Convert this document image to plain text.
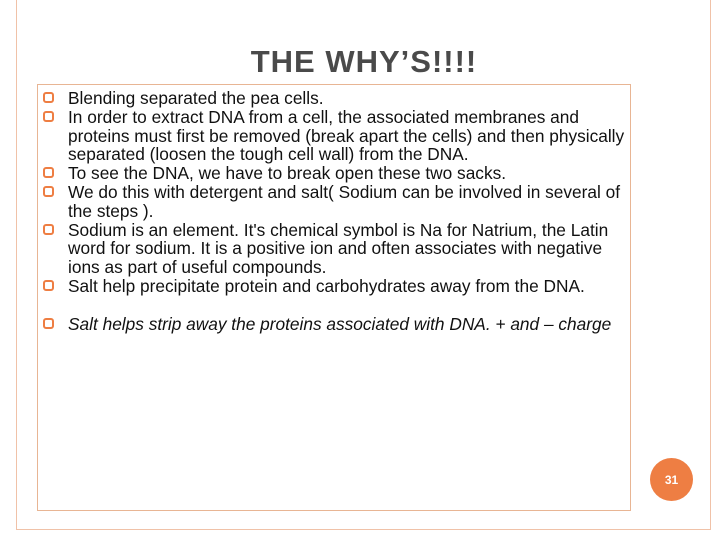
THE WHY’S!!!!
Blending separated the pea cells.
In order to extract DNA from a cell, the associated membranes and proteins must first be removed (break apart the cells) and then physically separated (loosen the tough cell wall) from the DNA.
To see the DNA, we have to break open these two sacks.
We do this with detergent and salt( Sodium can be involved in several of the steps ).
Sodium is an element. It's chemical symbol is Na for Natrium, the Latin word for sodium. It is a positive ion and often associates with negative ions as part of useful compounds.
Salt help precipitate protein and carbohydrates away from the DNA.
Salt helps strip away the proteins associated with DNA. + and – charge
31
